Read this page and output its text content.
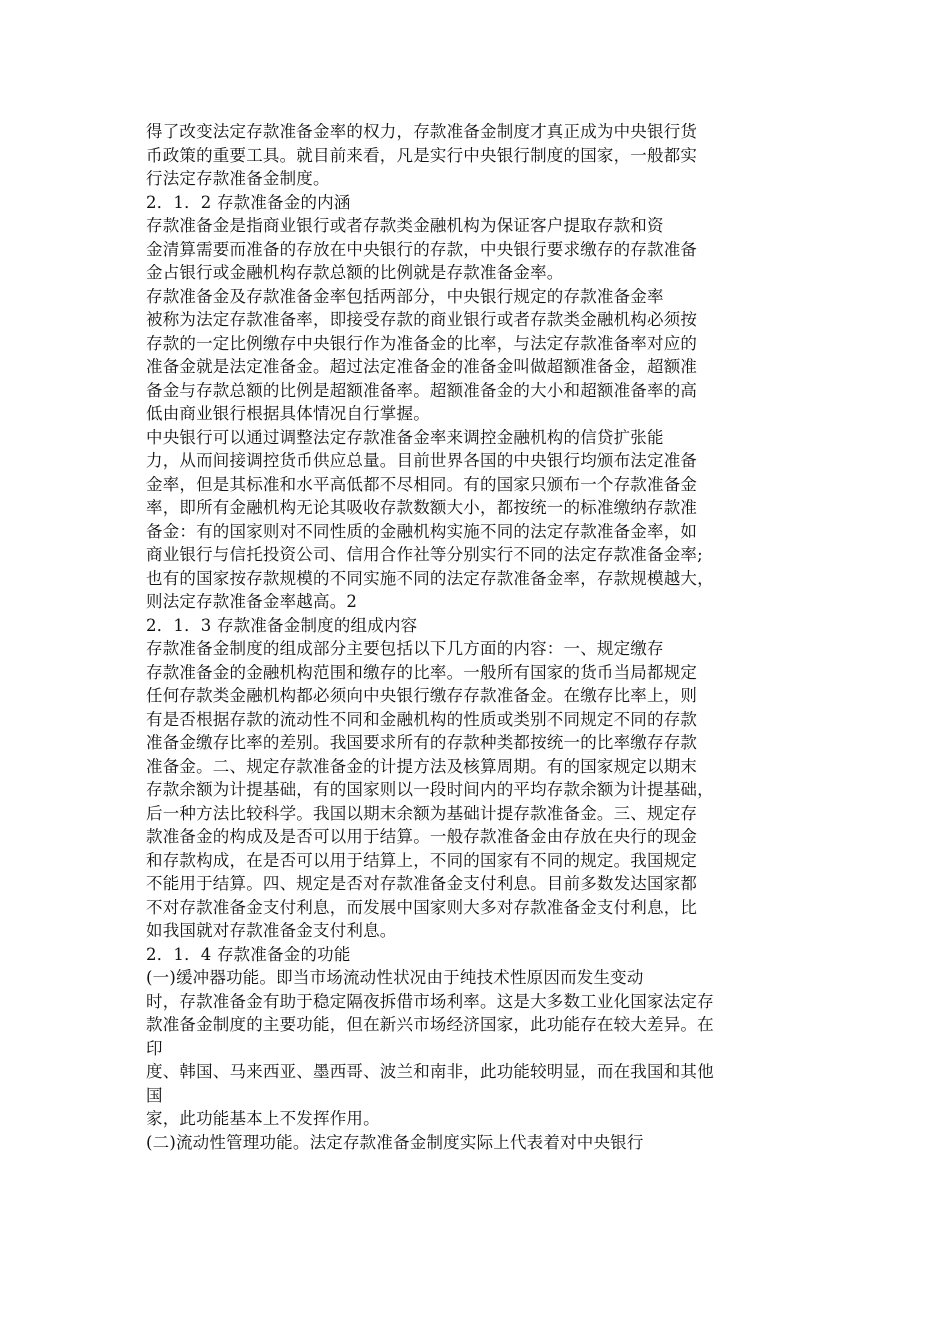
得了改变法定存款准备金率的权力，存款准备金制度才真正成为中央银行货
币政策的重要工具。就目前来看，凡是实行中央银行制度的国家，一般都实
行法定存款准备金制度。
2．1．2 存款准备金的内涵
存款准备金是指商业银行或者存款类金融机构为保证客户提取存款和资
金清算需要而准备的存放在中央银行的存款，中央银行要求缴存的存款准备
金占银行或金融机构存款总额的比例就是存款准备金率。
存款准备金及存款准备金率包括两部分，中央银行规定的存款准备金率
被称为法定存款准备率，即接受存款的商业银行或者存款类金融机构必须按
存款的一定比例缴存中央银行作为准备金的比率，与法定存款准备率对应的
准备金就是法定准备金。超过法定准备金的准备金叫做超额准备金，超额准
备金与存款总额的比例是超额准备率。超额准备金的大小和超额准备率的高
低由商业银行根据具体情况自行掌握。
中央银行可以通过调整法定存款准备金率来调控金融机构的信贷扩张能
力，从而间接调控货币供应总量。目前世界各国的中央银行均颁布法定准备
金率，但是其标准和水平高低都不尽相同。有的国家只颁布一个存款准备金
率，即所有金融机构无论其吸收存款数额大小，都按统一的标准缴纳存款准
备金：有的国家则对不同性质的金融机构实施不同的法定存款准备金率，如
商业银行与信托投资公司、信用合作社等分别实行不同的法定存款准备金率;
也有的国家按存款规模的不同实施不同的法定存款准备金率，存款规模越大，
则法定存款准备金率越高。2
2．1．3 存款准备金制度的组成内容
存款准备金制度的组成部分主要包括以下几方面的内容：一、规定缴存
存款准备金的金融机构范围和缴存的比率。一般所有国家的货币当局都规定
任何存款类金融机构都必须向中央银行缴存存款准备金。在缴存比率上，则
有是否根据存款的流动性不同和金融机构的性质或类别不同规定不同的存款
准备金缴存比率的差别。我国要求所有的存款种类都按统一的比率缴存存款
准备金。二、规定存款准备金的计提方法及核算周期。有的国家规定以期末
存款余额为计提基础，有的国家则以一段时间内的平均存款余额为计提基础，
后一种方法比较科学。我国以期末余额为基础计提存款准备金。三、规定存
款准备金的构成及是否可以用于结算。一般存款准备金由存放在央行的现金
和存款构成，在是否可以用于结算上，不同的国家有不同的规定。我国规定
不能用于结算。四、规定是否对存款准备金支付利息。目前多数发达国家都
不对存款准备金支付利息，而发展中国家则大多对存款准备金支付利息，比
如我国就对存款准备金支付利息。
2．1．4 存款准备金的功能
(一)缓冲器功能。即当市场流动性状况由于纯技术性原因而发生变动
时，存款准备金有助于稳定隔夜拆借市场利率。这是大多数工业化国家法定存
款准备金制度的主要功能，但在新兴市场经济国家，此功能存在较大差异。在
印
度、韩国、马来西亚、墨西哥、波兰和南非，此功能较明显，而在我国和其他
国
家，此功能基本上不发挥作用。
(二)流动性管理功能。法定存款准备金制度实际上代表着对中央银行
